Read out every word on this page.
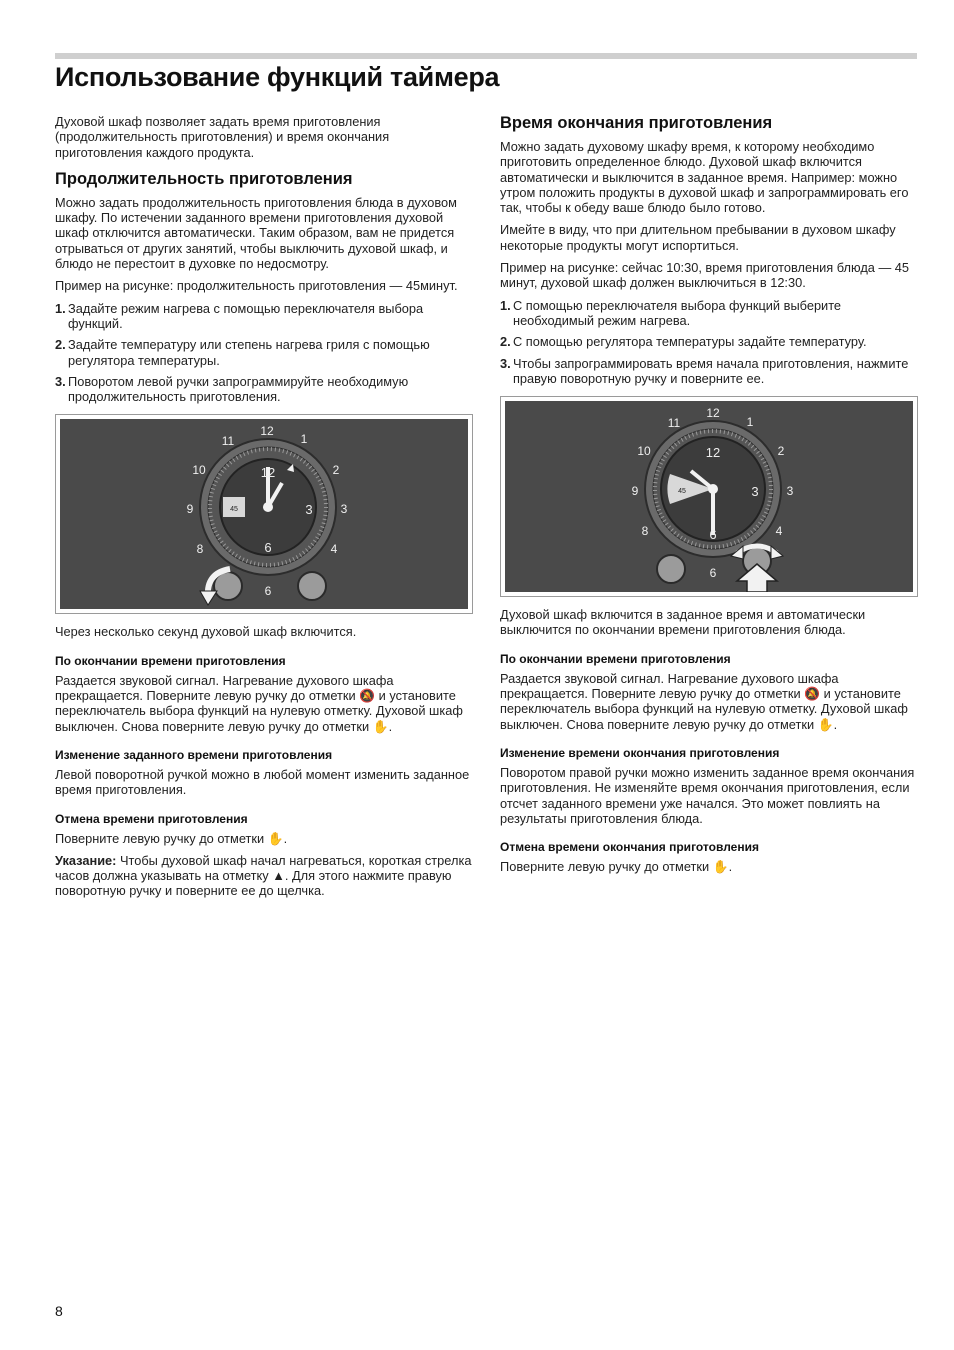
Использование функций таймера

Духовой шкаф позволяет задать время приготовления (продолжительность приготовления) и время окончания приготовления каждого продукта.

Продолжительность приготовления

Можно задать продолжительность приготовления блюда в духовом шкафу. По истечении заданного времени приготовления духовой шкаф отключится автоматически. Таким образом, вам не придется отрываться от других занятий, чтобы выключить духовой шкаф, и блюдо не перестоит в духовке по недосмотру.

Пример на рисунке: продолжительность приготовления — 45минут.

1. Задайте режим нагрева с помощью переключателя выбора функций.
2. Задайте температуру или степень нагрева гриля с помощью регулятора температуры.
3. Поворотом левой ручки запрограммируйте необходимую продолжительность приготовления.
45
12
1
2
3
4
6
8
9
10
11
12
3
6

Через несколько секунд духовой шкаф включится.

По окончании времени приготовления

Раздается звуковой сигнал. Нагревание духового шкафа прекращается. Поверните левую ручку до отметки 🔕 и установите переключатель выбора функций на нулевую отметку. Духовой шкаф выключен. Снова поверните левую ручку до отметки ✋.

Изменение заданного времени приготовления

Левой поворотной ручкой можно в любой момент изменить заданное время приготовления.

Отмена времени приготовления

Поверните левую ручку до отметки ✋.

Указание: Чтобы духовой шкаф начал нагреваться, короткая стрелка часов должна указывать на отметку ▲. Для этого нажмите правую поворотную ручку и поверните ее до щелчка.

Время окончания приготовления

Можно задать духовому шкафу время, к которому необходимо приготовить определенное блюдо. Духовой шкаф включится автоматически и выключится в заданное время. Например: можно утром положить продукты в духовой шкаф и запрограммировать его так, чтобы к обеду ваше блюдо было готово.

Имейте в виду, что при длительном пребывании в духовом шкафу некоторые продукты могут испортиться.

Пример на рисунке: сейчас 10:30, время приготовления блюда — 45 минут, духовой шкаф должен выключиться в 12:30.

1. С помощью переключателя выбора функций выберите необходимый режим нагрева.
2. С помощью регулятора температуры задайте температуру.
3. Чтобы запрограммировать время начала приготовления, нажмите правую поворотную ручку и поверните ее.
45
12
1
2
3
4
6
8
9
10
11
12
3
6

Духовой шкаф включится в заданное время и автоматически выключится по окончании времени приготовления блюда.

По окончании времени приготовления

Раздается звуковой сигнал. Нагревание духового шкафа прекращается. Поверните левую ручку до отметки 🔕 и установите переключатель выбора функций на нулевую отметку. Духовой шкаф выключен. Снова поверните левую ручку до отметки ✋.

Изменение времени окончания приготовления

Поворотом правой ручки можно изменить заданное время окончания приготовления. Не изменяйте время окончания приготовления, если отсчет заданного времени уже начался. Это может повлиять на результаты приготовления блюда.

Отмена времени окончания приготовления

Поверните левую ручку до отметки ✋.

8
